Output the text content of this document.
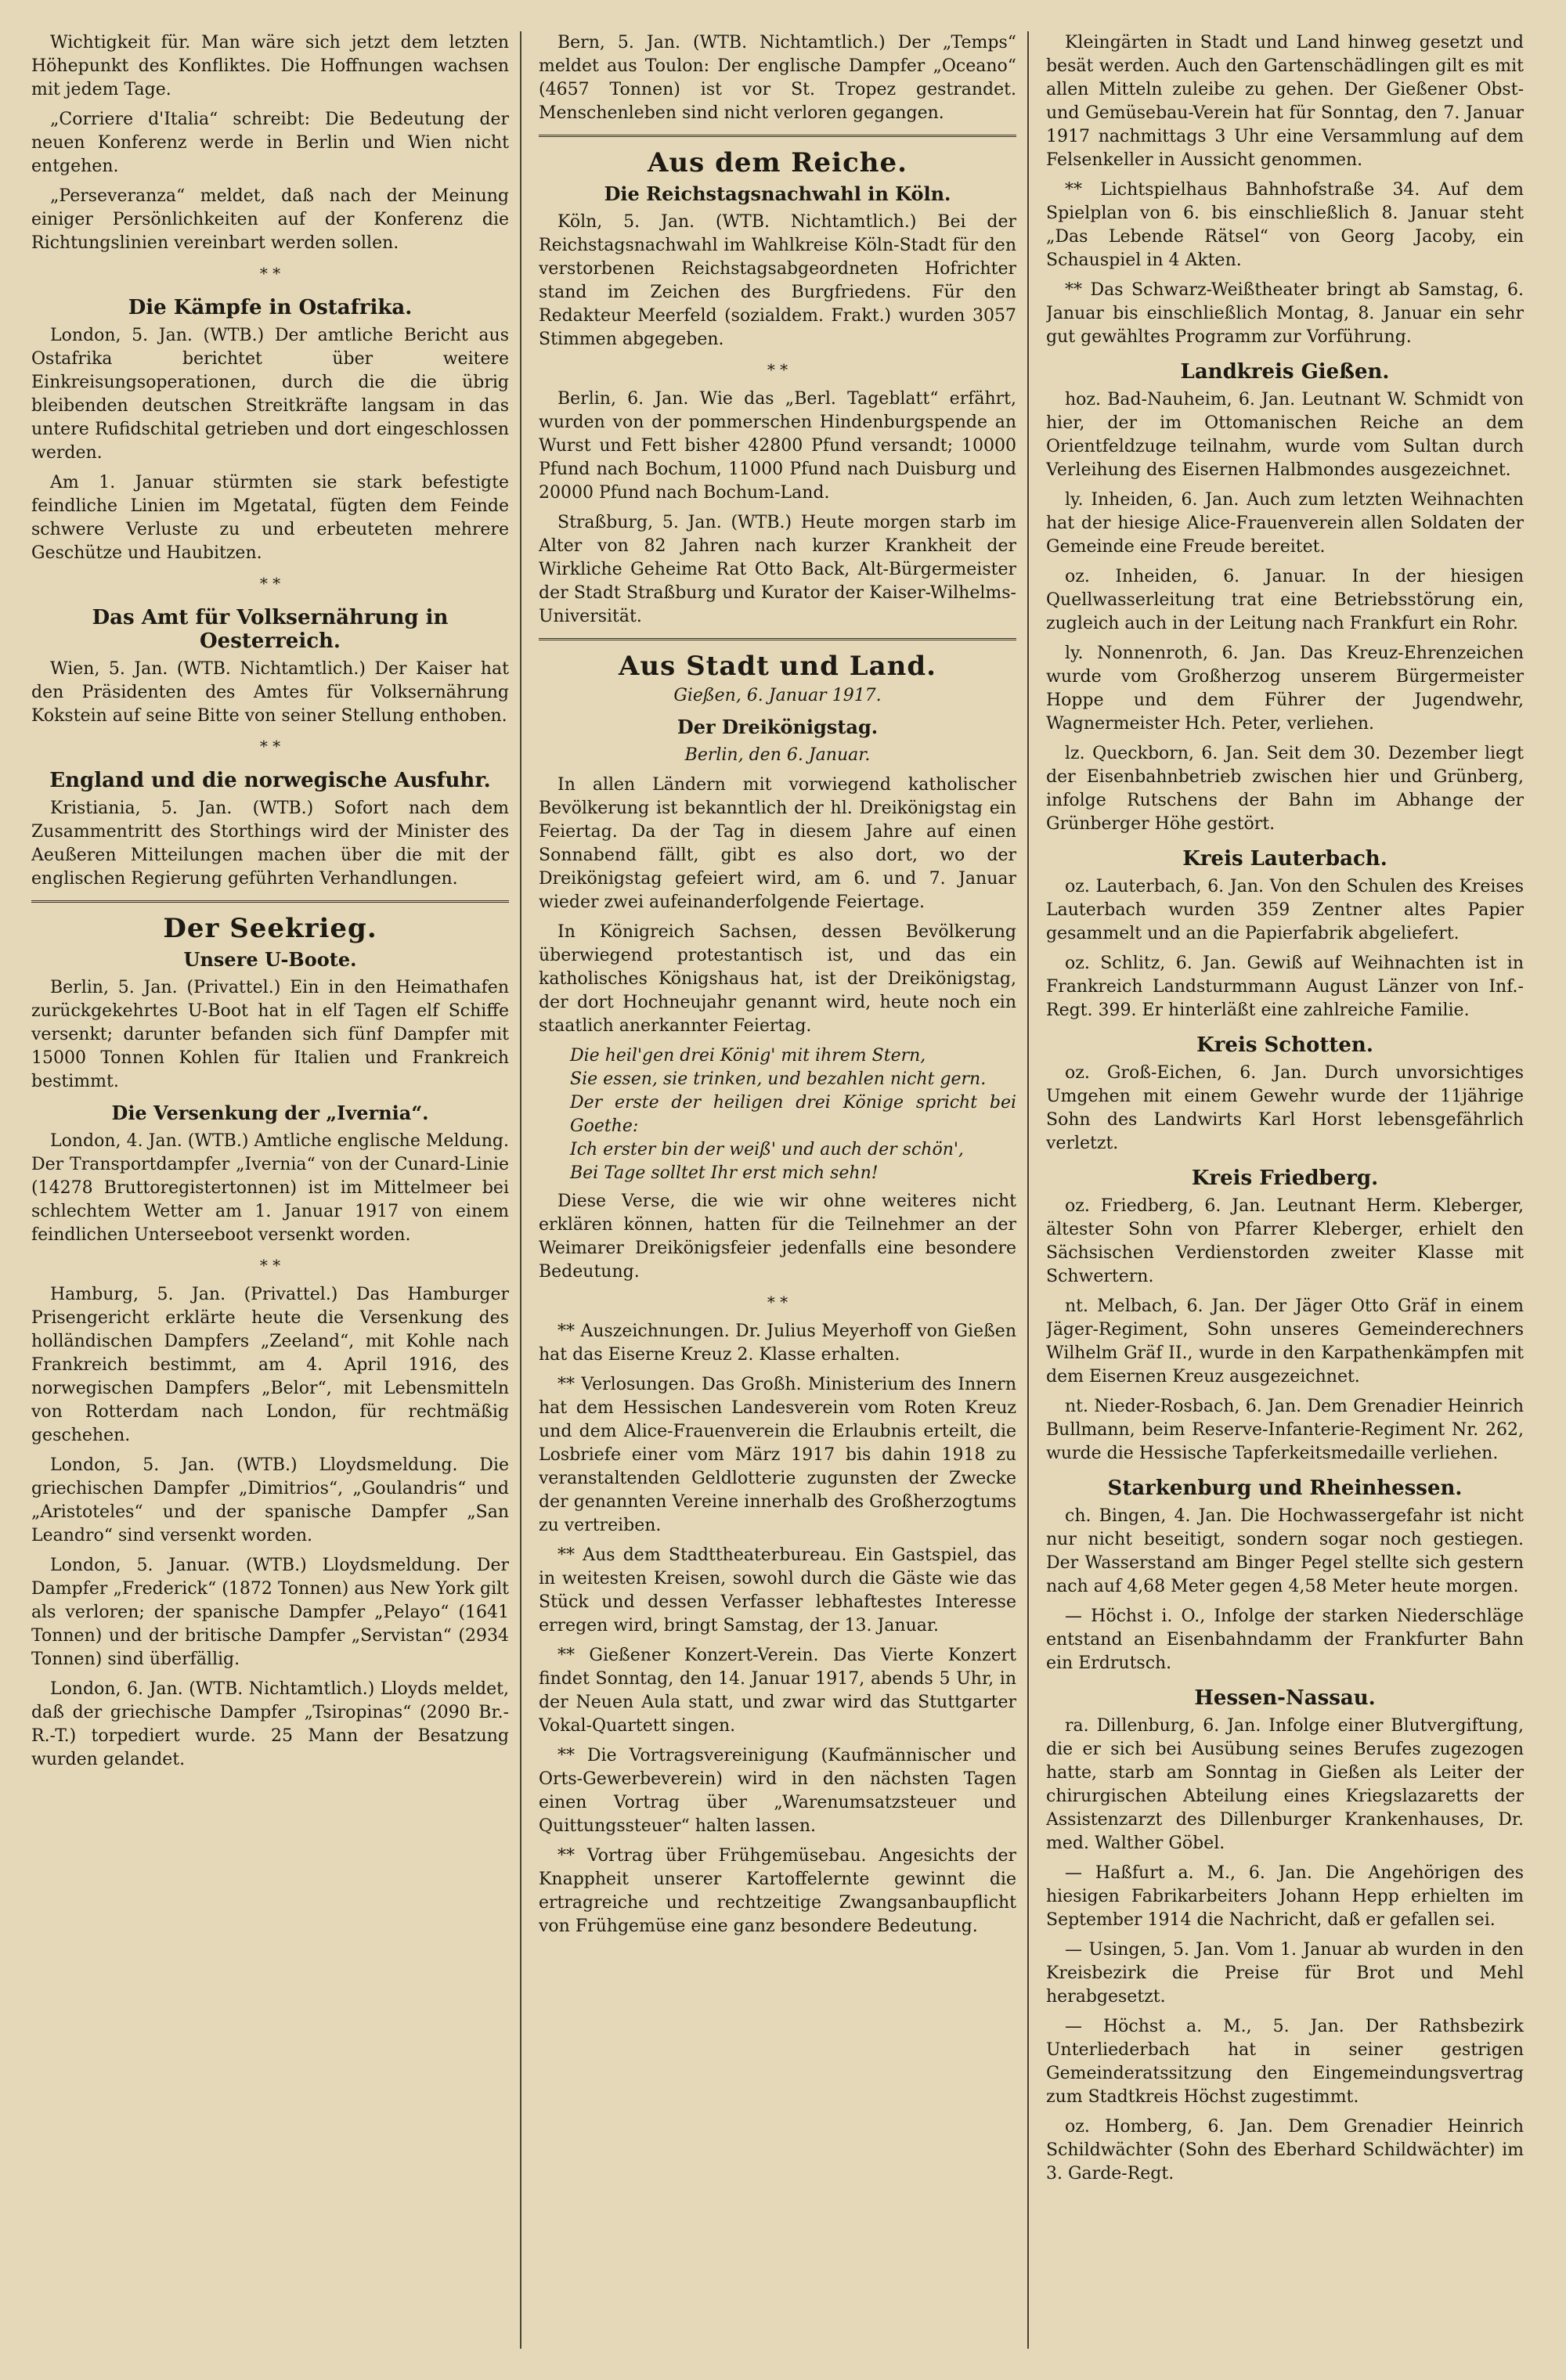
Wichtigkeit für. Man wäre sich jetzt dem letzten Höhepunkt des Konfliktes. Die Hoffnungen wachsen mit jedem Tage.
„Corriere d'Italia“ schreibt: Die Bedeutung der neuen Konferenz werde in Berlin und Wien nicht entgehen.
„Perseveranza“ meldet, daß nach der Meinung einiger Persönlichkeiten auf der Konferenz die Richtungslinien vereinbart werden sollen.
* *
Die Kämpfe in Ostafrika.
London, 5. Jan. (WTB.) Der amtliche Bericht aus Ostafrika berichtet über weitere Einkreisungsoperationen, durch die die übrig bleibenden deutschen Streitkräfte langsam in das untere Rufidschital getrieben und dort eingeschlossen werden.
Am 1. Januar stürmten sie stark befestigte feindliche Linien im Mgetatal, fügten dem Feinde schwere Verluste zu und erbeuteten mehrere Geschütze und Haubitzen.
* *
Das Amt für Volksernährung in Oesterreich.
Wien, 5. Jan. (WTB. Nichtamtlich.) Der Kaiser hat den Präsidenten des Amtes für Volksernährung Kokstein auf seine Bitte von seiner Stellung enthoben.
* *
England und die norwegische Ausfuhr.
Kristiania, 5. Jan. (WTB.) Sofort nach dem Zusammentritt des Storthings wird der Minister des Aeußeren Mitteilungen machen über die mit der englischen Regierung geführten Verhandlungen.
Der Seekrieg.
Unsere U-Boote.
Berlin, 5. Jan. (Privattel.) Ein in den Heimathafen zurückgekehrtes U-Boot hat in elf Tagen elf Schiffe versenkt; darunter befanden sich fünf Dampfer mit 15000 Tonnen Kohlen für Italien und Frankreich bestimmt.
Die Versenkung der „Ivernia“.
London, 4. Jan. (WTB.) Amtliche englische Meldung. Der Transportdampfer „Ivernia“ von der Cunard-Linie (14278 Bruttoregistertonnen) ist im Mittelmeer bei schlechtem Wetter am 1. Januar 1917 von einem feindlichen Unterseeboot versenkt worden.
* *
Hamburg, 5. Jan. (Privattel.) Das Hamburger Prisengericht erklärte heute die Versenkung des holländischen Dampfers „Zeeland“, mit Kohle nach Frankreich bestimmt, am 4. April 1916, des norwegischen Dampfers „Belor“, mit Lebensmitteln von Rotterdam nach London, für rechtmäßig geschehen.
London, 5. Jan. (WTB.) Lloydsmeldung. Die griechischen Dampfer „Dimitrios“, „Goulandris“ und „Aristoteles“ und der spanische Dampfer „San Leandro“ sind versenkt worden.
London, 5. Januar. (WTB.) Lloydsmeldung. Der Dampfer „Frederick“ (1872 Tonnen) aus New York gilt als verloren; der spanische Dampfer „Pelayo“ (1641 Tonnen) und der britische Dampfer „Servistan“ (2934 Tonnen) sind überfällig.
London, 6. Jan. (WTB. Nichtamtlich.) Lloyds meldet, daß der griechische Dampfer „Tsiropinas“ (2090 Br.-R.-T.) torpediert wurde. 25 Mann der Besatzung wurden gelandet.
Bern, 5. Jan. (WTB. Nichtamtlich.) Der „Temps“ meldet aus Toulon: Der englische Dampfer „Oceano“ (4657 Tonnen) ist vor St. Tropez gestrandet. Menschenleben sind nicht verloren gegangen.
Aus dem Reiche.
Die Reichstagsnachwahl in Köln.
Köln, 5. Jan. (WTB. Nichtamtlich.) Bei der Reichstagsnachwahl im Wahlkreise Köln-Stadt für den verstorbenen Reichstagsabgeordneten Hofrichter stand im Zeichen des Burgfriedens. Für den Redakteur Meerfeld (sozialdem. Frakt.) wurden 3057 Stimmen abgegeben.
* *
Berlin, 6. Jan. Wie das „Berl. Tageblatt“ erfährt, wurden von der pommerschen Hindenburgspende an Wurst und Fett bisher 42800 Pfund versandt; 10000 Pfund nach Bochum, 11000 Pfund nach Duisburg und 20000 Pfund nach Bochum-Land.
Straßburg, 5. Jan. (WTB.) Heute morgen starb im Alter von 82 Jahren nach kurzer Krankheit der Wirkliche Geheime Rat Otto Back, Alt-Bürgermeister der Stadt Straßburg und Kurator der Kaiser-Wilhelms-Universität.
Aus Stadt und Land.
Gießen, 6. Januar 1917.
Der Dreikönigstag.
Berlin, den 6. Januar.
In allen Ländern mit vorwiegend katholischer Bevölkerung ist bekanntlich der hl. Dreikönigstag ein Feiertag. Da der Tag in diesem Jahre auf einen Sonnabend fällt, gibt es also dort, wo der Dreikönigstag gefeiert wird, am 6. und 7. Januar wieder zwei aufeinanderfolgende Feiertage.
In Königreich Sachsen, dessen Bevölkerung überwiegend protestantisch ist, und das ein katholisches Königshaus hat, ist der Dreikönigstag, der dort Hochneujahr genannt wird, heute noch ein staatlich anerkannter Feiertag.
Die heil'gen drei König' mit ihrem Stern,
Sie essen, sie trinken, und bezahlen nicht gern.
Der erste der heiligen drei Könige spricht bei Goethe:
Ich erster bin der weiß' und auch der schön',
Bei Tage solltet Ihr erst mich sehn!
Diese Verse, die wie wir ohne weiteres nicht erklären können, hatten für die Teilnehmer an der Weimarer Dreikönigsfeier jedenfalls eine besondere Bedeutung.
* *
** Auszeichnungen. Dr. Julius Meyerhoff von Gießen hat das Eiserne Kreuz 2. Klasse erhalten.
** Verlosungen. Das Großh. Ministerium des Innern hat dem Hessischen Landesverein vom Roten Kreuz und dem Alice-Frauenverein die Erlaubnis erteilt, die Losbriefe einer vom März 1917 bis dahin 1918 zu veranstaltenden Geldlotterie zugunsten der Zwecke der genannten Vereine innerhalb des Großherzogtums zu vertreiben.
** Aus dem Stadttheaterbureau. Ein Gastspiel, das in weitesten Kreisen, sowohl durch die Gäste wie das Stück und dessen Verfasser lebhaftestes Interesse erregen wird, bringt Samstag, der 13. Januar.
** Gießener Konzert-Verein. Das Vierte Konzert findet Sonntag, den 14. Januar 1917, abends 5 Uhr, in der Neuen Aula statt, und zwar wird das Stuttgarter Vokal-Quartett singen.
** Die Vortragsvereinigung (Kaufmännischer und Orts-Gewerbeverein) wird in den nächsten Tagen einen Vortrag über „Warenumsatzsteuer und Quittungssteuer“ halten lassen.
** Vortrag über Frühgemüsebau. Angesichts der Knappheit unserer Kartoffelernte gewinnt die ertragreiche und rechtzeitige Zwangsanbaupflicht von Frühgemüse eine ganz besondere Bedeutung.
Kleingärten in Stadt und Land hinweg gesetzt und besät werden. Auch den Gartenschädlingen gilt es mit allen Mitteln zuleibe zu gehen. Der Gießener Obst- und Gemüsebau-Verein hat für Sonntag, den 7. Januar 1917 nachmittags 3 Uhr eine Versammlung auf dem Felsenkeller in Aussicht genommen.
** Lichtspielhaus Bahnhofstraße 34. Auf dem Spielplan von 6. bis einschließlich 8. Januar steht „Das Lebende Rätsel“ von Georg Jacoby, ein Schauspiel in 4 Akten.
** Das Schwarz-Weißtheater bringt ab Samstag, 6. Januar bis einschließlich Montag, 8. Januar ein sehr gut gewähltes Programm zur Vorführung.
Landkreis Gießen.
hoz. Bad-Nauheim, 6. Jan. Leutnant W. Schmidt von hier, der im Ottomanischen Reiche an dem Orientfeldzuge teilnahm, wurde vom Sultan durch Verleihung des Eisernen Halbmondes ausgezeichnet.
ly. Inheiden, 6. Jan. Auch zum letzten Weihnachten hat der hiesige Alice-Frauenverein allen Soldaten der Gemeinde eine Freude bereitet.
oz. Inheiden, 6. Januar. In der hiesigen Quellwasserleitung trat eine Betriebsstörung ein, zugleich auch in der Leitung nach Frankfurt ein Rohr.
ly. Nonnenroth, 6. Jan. Das Kreuz-Ehrenzeichen wurde vom Großherzog unserem Bürgermeister Hoppe und dem Führer der Jugendwehr, Wagnermeister Hch. Peter, verliehen.
lz. Queckborn, 6. Jan. Seit dem 30. Dezember liegt der Eisenbahnbetrieb zwischen hier und Grünberg, infolge Rutschens der Bahn im Abhange der Grünberger Höhe gestört.
Kreis Lauterbach.
oz. Lauterbach, 6. Jan. Von den Schulen des Kreises Lauterbach wurden 359 Zentner altes Papier gesammelt und an die Papierfabrik abgeliefert.
oz. Schlitz, 6. Jan. Gewiß auf Weihnachten ist in Frankreich Landsturmmann August Länzer von Inf.-Regt. 399. Er hinterläßt eine zahlreiche Familie.
Kreis Schotten.
oz. Groß-Eichen, 6. Jan. Durch unvorsichtiges Umgehen mit einem Gewehr wurde der 11jährige Sohn des Landwirts Karl Horst lebensgefährlich verletzt.
Kreis Friedberg.
oz. Friedberg, 6. Jan. Leutnant Herm. Kleberger, ältester Sohn von Pfarrer Kleberger, erhielt den Sächsischen Verdienstorden zweiter Klasse mit Schwertern.
nt. Melbach, 6. Jan. Der Jäger Otto Gräf in einem Jäger-Regiment, Sohn unseres Gemeinderechners Wilhelm Gräf II., wurde in den Karpathenkämpfen mit dem Eisernen Kreuz ausgezeichnet.
nt. Nieder-Rosbach, 6. Jan. Dem Grenadier Heinrich Bullmann, beim Reserve-Infanterie-Regiment Nr. 262, wurde die Hessische Tapferkeitsmedaille verliehen.
Starkenburg und Rheinhessen.
ch. Bingen, 4. Jan. Die Hochwassergefahr ist nicht nur nicht beseitigt, sondern sogar noch gestiegen. Der Wasserstand am Binger Pegel stellte sich gestern nach auf 4,68 Meter gegen 4,58 Meter heute morgen.
— Höchst i. O., Infolge der starken Niederschläge entstand an Eisenbahndamm der Frankfurter Bahn ein Erdrutsch.
Hessen-Nassau.
ra. Dillenburg, 6. Jan. Infolge einer Blutvergiftung, die er sich bei Ausübung seines Berufes zugezogen hatte, starb am Sonntag in Gießen als Leiter der chirurgischen Abteilung eines Kriegslazaretts der Assistenzarzt des Dillenburger Krankenhauses, Dr. med. Walther Göbel.
— Haßfurt a. M., 6. Jan. Die Angehörigen des hiesigen Fabrikarbeiters Johann Hepp erhielten im September 1914 die Nachricht, daß er gefallen sei.
— Usingen, 5. Jan. Vom 1. Januar ab wurden in den Kreisbezirk die Preise für Brot und Mehl herabgesetzt.
— Höchst a. M., 5. Jan. Der Rathsbezirk Unterliederbach hat in seiner gestrigen Gemeinderatssitzung den Eingemeindungsvertrag zum Stadtkreis Höchst zugestimmt.
oz. Homberg, 6. Jan. Dem Grenadier Heinrich Schildwächter (Sohn des Eberhard Schildwächter) im 3. Garde-Regt.
